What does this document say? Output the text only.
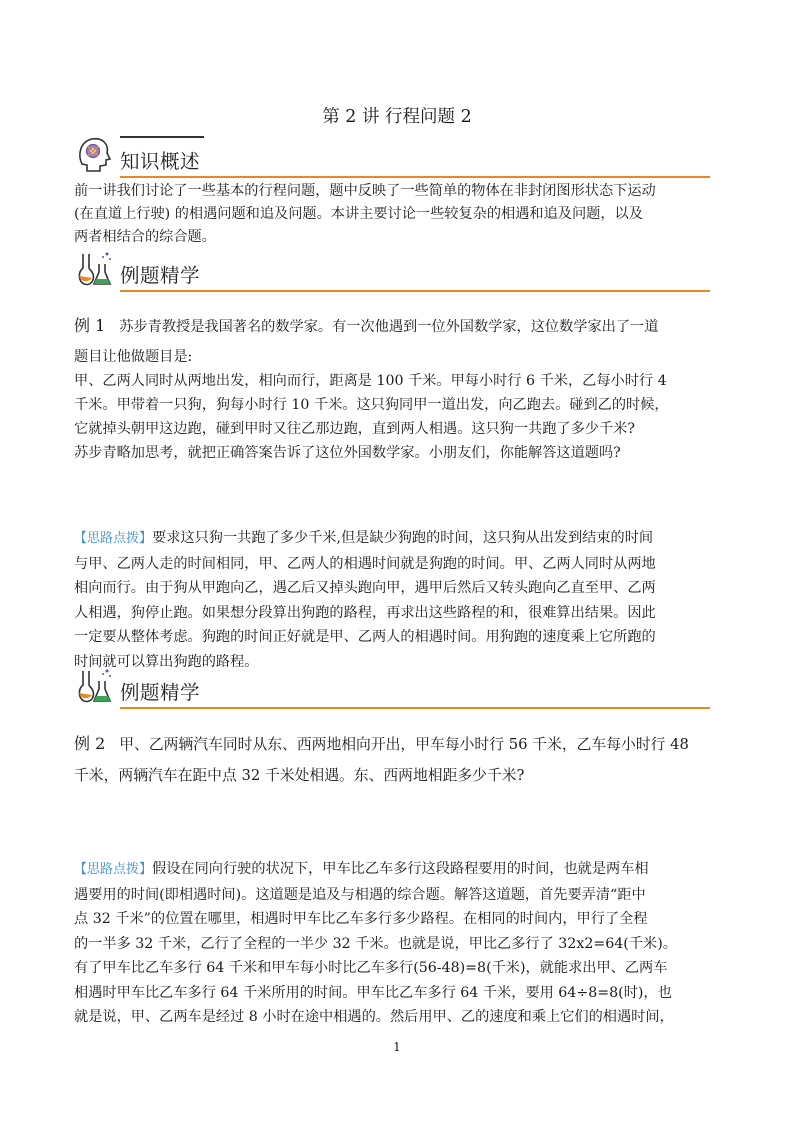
第 2 讲 行程问题 2
知识概述
前一讲我们讨论了一些基本的行程问题，题中反映了一些简单的物体在非封闭图形状态下运动
(在直道上行驶) 的相遇问题和追及问题。本讲主要讨论一些较复杂的相遇和追及问题，以及
两者相结合的综合题。
例题精学
例 1 苏步青教授是我国著名的数学家。有一次他遇到一位外国数学家，这位数学家出了一道
题目让他做题目是:
甲、乙两人同时从两地出发，相向而行，距离是 100 千米。甲每小时行 6 千米，乙每小时行 4
千米。甲带着一只狗，狗每小时行 10 千米。这只狗同甲一道出发，向乙跑去。碰到乙的时候，
它就掉头朝甲这边跑，碰到甲时又往乙那边跑，直到两人相遇。这只狗一共跑了多少千米?
苏步青略加思考，就把正确答案告诉了这位外国数学家。小朋友们，你能解答这道题吗?
【思路点拨】要求这只狗一共跑了多少千米,但是缺少狗跑的时间，这只狗从出发到结束的时间
与甲、乙两人走的时间相同，甲、乙两人的相遇时间就是狗跑的时间。甲、乙两人同时从两地
相向而行。由于狗从甲跑向乙，遇乙后又掉头跑向甲，遇甲后然后又转头跑向乙直至甲、乙两
人相遇，狗停止跑。如果想分段算出狗跑的路程，再求出这些路程的和，很难算出结果。因此
一定要从整体考虑。狗跑的时间正好就是甲、乙两人的相遇时间。用狗跑的速度乘上它所跑的
时间就可以算出狗跑的路程。
例题精学
例 2 甲、乙两辆汽车同时从东、西两地相向开出，甲车每小时行 56 千米，乙车每小时行 48
千米，两辆汽车在距中点 32 千米处相遇。东、西两地相距多少千米?
【思路点拨】假设在同向行驶的状况下，甲车比乙车多行这段路程要用的时间，也就是两车相
遇要用的时间(即相遇时间)。这道题是追及与相遇的综合题。解答这道题，首先要弄清“距中
点 32 千米”的位置在哪里，相遇时甲车比乙车多行多少路程。在相同的时间内，甲行了全程
的一半多 32 千米，乙行了全程的一半少 32 千米。也就是说，甲比乙多行了 32x2=64(千米)。
有了甲车比乙车多行 64 千米和甲车每小时比乙车多行(56-48)=8(千米)，就能求出甲、乙两车
相遇时甲车比乙车多行 64 千米所用的时间。甲车比乙车多行 64 千米，要用 64÷8=8(时)，也
就是说，甲、乙两车是经过 8 小时在途中相遇的。然后用甲、乙的速度和乘上它们的相遇时间，
1
